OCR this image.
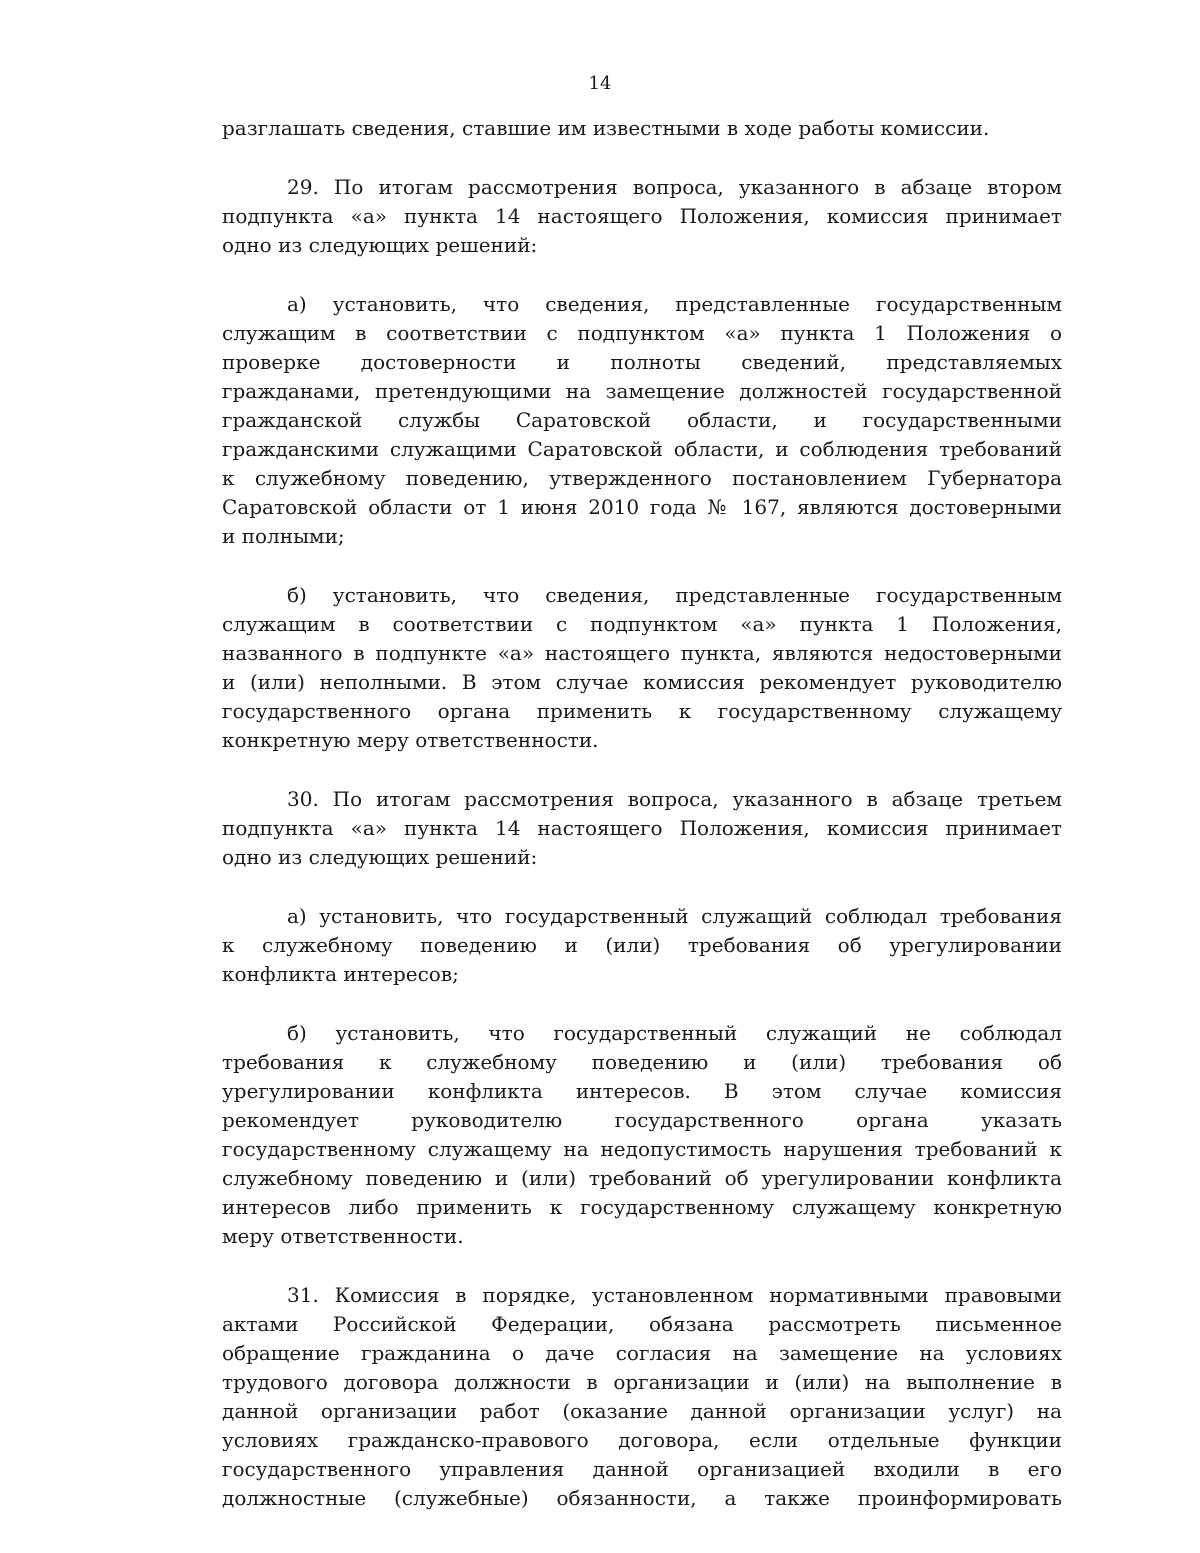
14
разглашать сведения, ставшие им известными в ходе работы комиссии.
29. По итогам рассмотрения вопроса, указанного в абзаце втором
подпункта «а» пункта 14 настоящего Положения, комиссия принимает
одно из следующих решений:
а) установить, что сведения, представленные государственным
служащим в соответствии с подпунктом «а» пункта 1 Положения о
проверке достоверности и полноты сведений, представляемых
гражданами, претендующими на замещение должностей государственной
гражданской службы Саратовской области, и государственными
гражданскими служащими Саратовской области, и соблюдения требований
к служебному поведению, утвержденного постановлением Губернатора
Саратовской области от 1 июня 2010 года № 167, являются достоверными
и полными;
б) установить, что сведения, представленные государственным
служащим в соответствии с подпунктом «а» пункта 1 Положения,
названного в подпункте «а» настоящего пункта, являются недостоверными
и (или) неполными. В этом случае комиссия рекомендует руководителю
государственного органа применить к государственному служащему
конкретную меру ответственности.
30. По итогам рассмотрения вопроса, указанного в абзаце третьем
подпункта «а» пункта 14 настоящего Положения, комиссия принимает
одно из следующих решений:
а) установить, что государственный служащий соблюдал требования
к служебному поведению и (или) требования об урегулировании
конфликта интересов;
б) установить, что государственный служащий не соблюдал
требования к служебному поведению и (или) требования об
урегулировании конфликта интересов. В этом случае комиссия
рекомендует руководителю государственного органа указать
государственному служащему на недопустимость нарушения требований к
служебному поведению и (или) требований об урегулировании конфликта
интересов либо применить к государственному служащему конкретную
меру ответственности.
31. Комиссия в порядке, установленном нормативными правовыми
актами Российской Федерации, обязана рассмотреть письменное
обращение гражданина о даче согласия на замещение на условиях
трудового договора должности в организации и (или) на выполнение в
данной организации работ (оказание данной организации услуг) на
условиях гражданско-правового договора, если отдельные функции
государственного управления данной организацией входили в его
должностные (служебные) обязанности, а также проинформировать
